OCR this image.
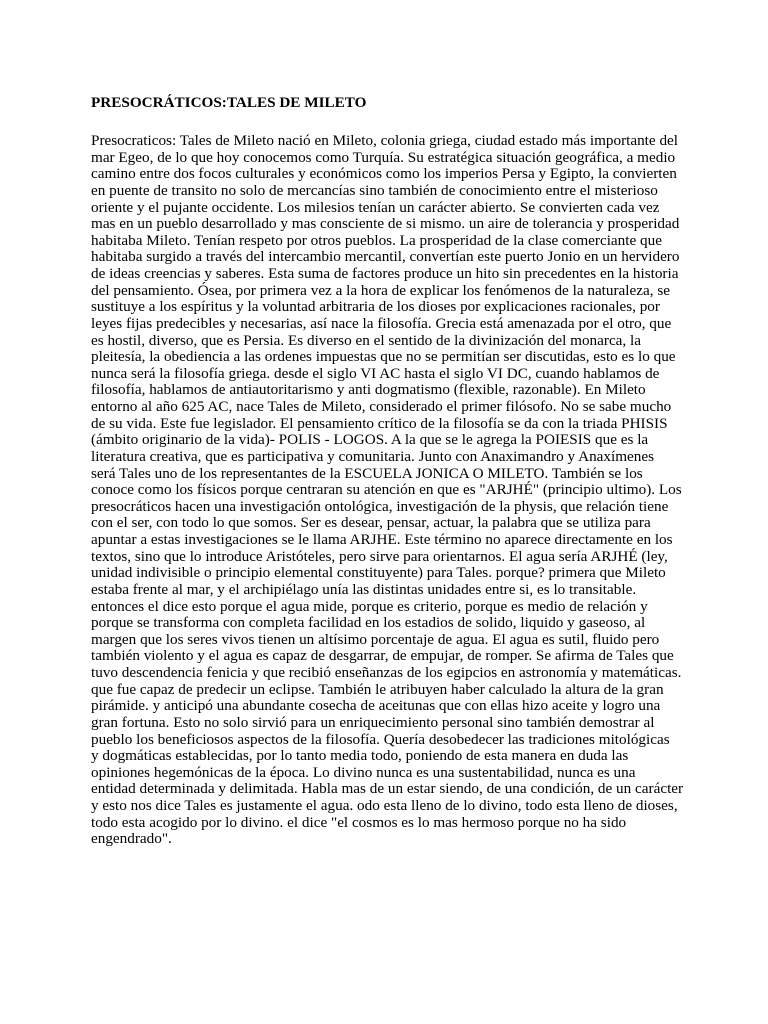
PRESOCRÁTICOS:TALES DE MILETO
Presocraticos: Tales de Mileto nació en Mileto, colonia griega, ciudad estado más importante del
mar Egeo, de lo que hoy conocemos como Turquía. Su estratégica situación geográfica, a medio
camino entre dos focos culturales y económicos como los imperios Persa y Egipto, la convierten
en puente de transito no solo de mercancías sino también de conocimiento entre el misterioso
oriente y el pujante occidente. Los milesios tenían un carácter abierto. Se convierten cada vez
mas en un pueblo desarrollado y mas consciente de si mismo. un aire de tolerancia y prosperidad
habitaba Mileto. Tenían respeto por otros pueblos. La prosperidad de la clase comerciante que
habitaba surgido a través del intercambio mercantil, convertían este puerto Jonio en un hervidero
de ideas creencias y saberes. Esta suma de factores produce un hito sin precedentes en la historia
del pensamiento. Ósea, por primera vez a la hora de explicar los fenómenos de la naturaleza, se
sustituye a los espíritus y la voluntad arbitraria de los dioses por explicaciones racionales, por
leyes fijas predecibles y necesarias, así nace la filosofía. Grecia está amenazada por el otro, que
es hostil, diverso, que es Persia. Es diverso en el sentido de la divinización del monarca, la
pleitesía, la obediencia a las ordenes impuestas que no se permitían ser discutidas, esto es lo que
nunca será la filosofía griega. desde el siglo VI AC hasta el siglo VI DC, cuando hablamos de
filosofía, hablamos de antiautoritarismo y anti dogmatismo (flexible, razonable). En Mileto
entorno al año 625 AC, nace Tales de Mileto, considerado el primer filósofo. No se sabe mucho
de su vida. Este fue legislador. El pensamiento crítico de la filosofía se da con la triada PHISIS
(ámbito originario de la vida)- POLIS - LOGOS. A la que se le agrega la POIESIS que es la
literatura creativa, que es participativa y comunitaria. Junto con Anaximandro y Anaxímenes
será Tales uno de los representantes de la ESCUELA JONICA O MILETO. También se los
conoce como los físicos porque centraran su atención en que es "ARJHÉ" (principio ultimo). Los
presocráticos hacen una investigación ontológica, investigación de la physis, que relación tiene
con el ser, con todo lo que somos. Ser es desear, pensar, actuar, la palabra que se utiliza para
apuntar a estas investigaciones se le llama ARJHE. Este término no aparece directamente en los
textos, sino que lo introduce Aristóteles, pero sirve para orientarnos. El agua sería ARJHÉ (ley,
unidad indivisible o principio elemental constituyente) para Tales. porque? primera que Mileto
estaba frente al mar, y el archipiélago unía las distintas unidades entre si, es lo transitable.
entonces el dice esto porque el agua mide, porque es criterio, porque es medio de relación y
porque se transforma con completa facilidad en los estadios de solido, liquido y gaseoso, al
margen que los seres vivos tienen un altísimo porcentaje de agua. El agua es sutil, fluido pero
también violento y el agua es capaz de desgarrar, de empujar, de romper. Se afirma de Tales que
tuvo descendencia fenicia y que recibió enseñanzas de los egipcios en astronomía y matemáticas.
que fue capaz de predecir un eclipse. También le atribuyen haber calculado la altura de la gran
pirámide. y anticipó una abundante cosecha de aceitunas que con ellas hizo aceite y logro una
gran fortuna. Esto no solo sirvió para un enriquecimiento personal sino también demostrar al
pueblo los beneficiosos aspectos de la filosofía. Quería desobedecer las tradiciones mitológicas
y dogmáticas establecidas, por lo tanto media todo, poniendo de esta manera en duda las
opiniones hegemónicas de la época. Lo divino nunca es una sustentabilidad, nunca es una
entidad determinada y delimitada. Habla mas de un estar siendo, de una condición, de un carácter
y esto nos dice Tales es justamente el agua. odo esta lleno de lo divino, todo esta lleno de dioses,
todo esta acogido por lo divino. el dice "el cosmos es lo mas hermoso porque no ha sido
engendrado".
